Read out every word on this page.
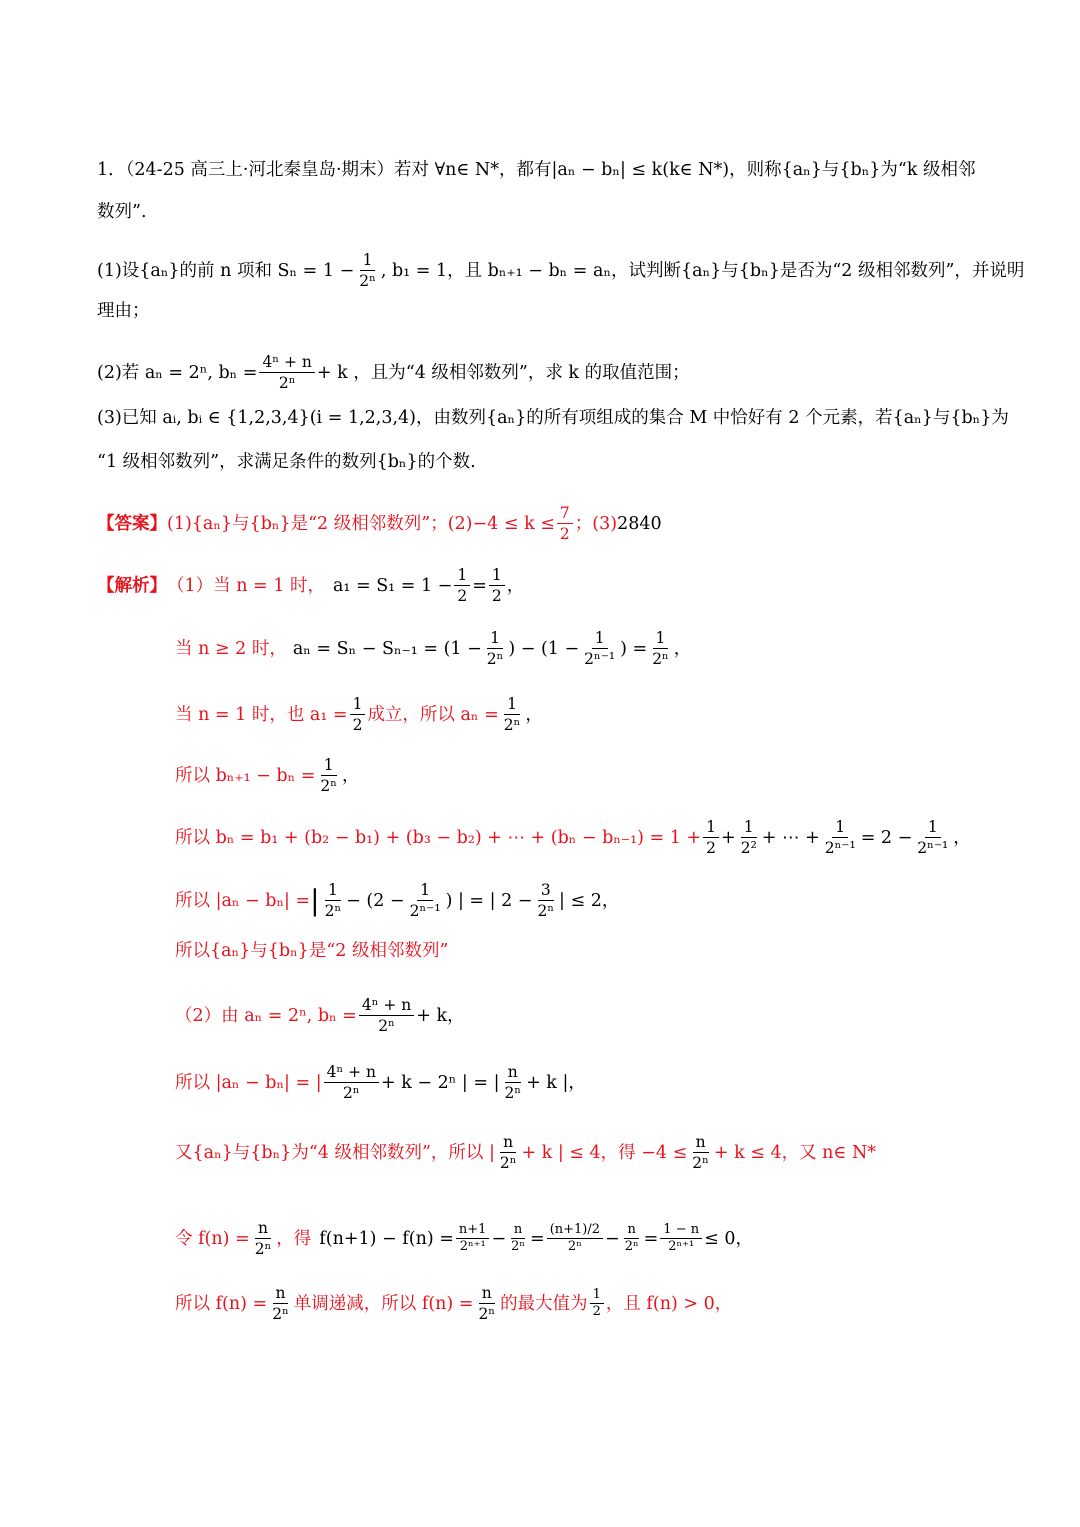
1．（24-25 高三上·河北秦皇岛·期末）若对 ∀n∈ N*，都有|aₙ − bₙ| ≤ k(k∈ N*)，则称{aₙ}与{bₙ}为“k 级相邻
数列”.
(1)设{aₙ}的前 n 项和 $S_n = 1 - \frac{1}{\text{2ⁿ}}$ , b₁ = 1，且 bₙ₊₁ − bₙ = aₙ，试判断{aₙ}与{bₙ}是否为“2 级相邻数列”，并说明
理由；
(2)若 aₙ = 2ⁿ, $b_n = \frac{\text{4ⁿ + n}}{\text{2ⁿ}} + k$ ，且为“4 级相邻数列”，求 k 的取值范围；
(3)已知 aᵢ, bᵢ ∈ {1,2,3,4}(i = 1,2,3,4)，由数列{aₙ}的所有项组成的集合 M 中恰好有 2 个元素，若{aₙ}与{bₙ}为
“1 级相邻数列”，求满足条件的数列{bₙ}的个数.
【答案】 (1){aₙ}与{bₙ}是“2 级相邻数列”；$(2)-4 \le k \le \frac{7}{2}$ ；(3) 2840
【解析】 （1）当 n = 1 时， $a_1 = S_1 = 1 - \frac{1}{2} = \frac{1}{2}$ ，
当 n ≥ 2 时， $a_n = S_n - S_{n-1} = (1 - \frac{1}{\text{2ⁿ}}$ ) − ($1 - \frac{1}{\text{2ⁿ⁻¹}}$ ) = $\frac{1}{\text{2ⁿ}}$ ，
当 n = 1 时，也 $a_1 = \frac{1}{2}$ 成立，所以 $a_n = \frac{1}{\text{2ⁿ}}$ ，
所以 $b_{n+1} - b_n = \frac{1}{\text{2ⁿ}}$ ，
所以 bₙ = b₁ + (b₂ − b₁) + (b₃ − b₂) + ⋯ + $(b_n - b_{n-1}) = 1 + \frac{1}{2} + \frac{1}{\text{2²}}$ + ⋯ + $\frac{1}{\text{2ⁿ⁻¹}} = 2 - \frac{1}{\text{2ⁿ⁻¹}}$ ，
所以 |aₙ − bₙ| = | $\frac{1}{\text{2ⁿ}} - (2 - \frac{1}{\text{2ⁿ⁻¹}}$ ) | = | $2 - \frac{3}{\text{2ⁿ}}$ | ≤ 2，
所以{aₙ}与{bₙ}是“2 级相邻数列”
（2）由 aₙ = 2ⁿ, $b_n = \frac{\text{4ⁿ + n}}{\text{2ⁿ}} + k$，
所以 |aₙ − bₙ| = | $\frac{\text{4ⁿ + n}}{\text{2ⁿ}} + k - 2^n$ | = | $\frac{n}{\text{2ⁿ}} + k$ |，
又{aₙ}与{bₙ}为“4 级相邻数列”，所以 | $\frac{n}{\text{2ⁿ}} + k$ | ≤ 4，得 $-4 \le \frac{n}{\text{2ⁿ}} + k \le 4$，又 n∈ N*
令 $f(n) = \frac{n}{\text{2ⁿ}}$ ，得 $f(n+1) - f(n) = \frac{n+1}{\text{2ⁿ⁺¹}} - \frac{n}{\text{2ⁿ}} = \frac{(n+1)/2}{\text{2ⁿ}} - \frac{n}{\text{2ⁿ}} = \frac{1 - n}{\text{2ⁿ⁺¹}} \le 0$，
所以 $f(n) = \frac{n}{\text{2ⁿ}}$ 单调递减，所以 $f(n) = \frac{n}{\text{2ⁿ}}$ 的最大值为 $\frac{1}{2}$ ，且 f(n) > 0，
